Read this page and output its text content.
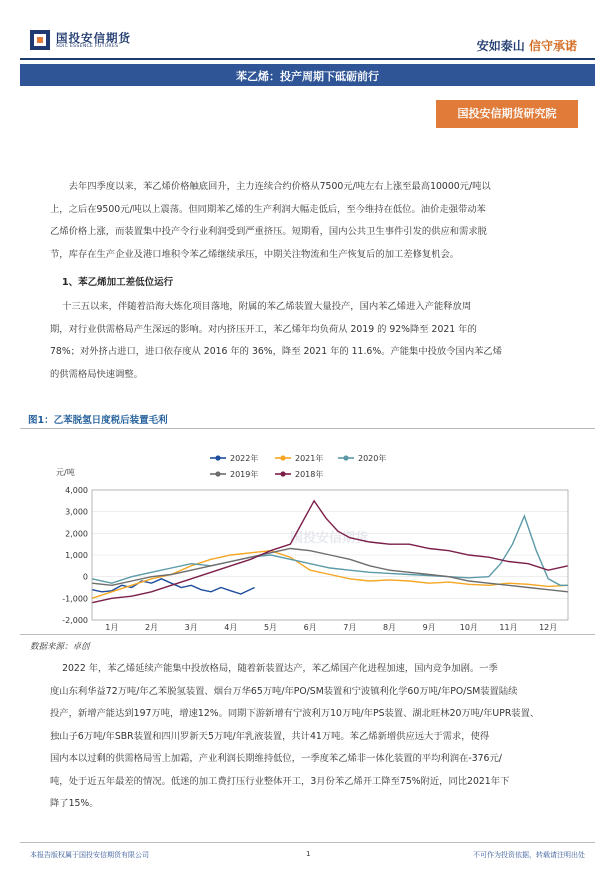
国投安信期货
SDIC ESSENCE FUTURES	安如泰山 信守承诺
苯乙烯：投产周期下砥砺前行
国投安信期货研究院
去年四季度以来，苯乙烯价格触底回升，主力连续合约价格从7500元/吨左右上涨至最高10000元/吨以
上，之后在9500元/吨以上震荡。但同期苯乙烯的生产利润大幅走低后，至今维持在低位。油价走强带动苯
乙烯价格上涨，而装置集中投产令行业利润受到严重挤压。短期看，国内公共卫生事件引发的供应和需求脱
节，库存在生产企业及港口堆积令苯乙烯继续承压，中期关注物流和生产恢复后的加工差修复机会。
1、苯乙烯加工差低位运行
十三五以来，伴随着沿海大炼化项目落地，附属的苯乙烯装置大量投产，国内苯乙烯进入产能释放周
期，对行业供需格局产生深远的影响。对内挤压开工，苯乙烯年均负荷从 2019 的 92%降至 2021 年的
78%；对外挤占进口，进口依存度从 2016 年的 36%，降至 2021 年的 11.6%。产能集中投放令国内苯乙烯
的供需格局快速调整。
图1：乙苯脱氢日度税后装置毛利
2022年	2021年	2020年
2019年	2018年
元/吨
国投安信期货
-2,000
-1,000
0
1,000
2,000
3,000
4,000
1月	2月	3月	4月	5月	6月	7月	8月	9月	10月	11月	12月
数据来源：卓创
2022 年，苯乙烯延续产能集中投放格局，随着新装置达产，苯乙烯国产化进程加速，国内竞争加剧。一季
度山东利华益72万吨/年乙苯脱氢装置、烟台万华65万吨/年PO/SM装置和宁波镇利化学60万吨/年PO/SM装置陆续
投产，新增产能达到197万吨，增速12%。同期下游新增有宁波利万10万吨/年PS装置、湖北旺林20万吨/年UPR装置、
独山子6万吨/年SBR装置和四川罗新天5万吨/年乳液装置，共计41万吨。苯乙烯新增供应远大于需求，使得
国内本以过剩的供需格局雪上加霜，产业利润长期维持低位，一季度苯乙烯非一体化装置的平均利润在-376元/
吨，处于近五年最差的情况。低迷的加工费打压行业整体开工，3月份苯乙烯开工降至75%附近，同比2021年下
降了15%。
本报告版权属于国投安信期货有限公司	1	不可作为投资依据，转载请注明出处
